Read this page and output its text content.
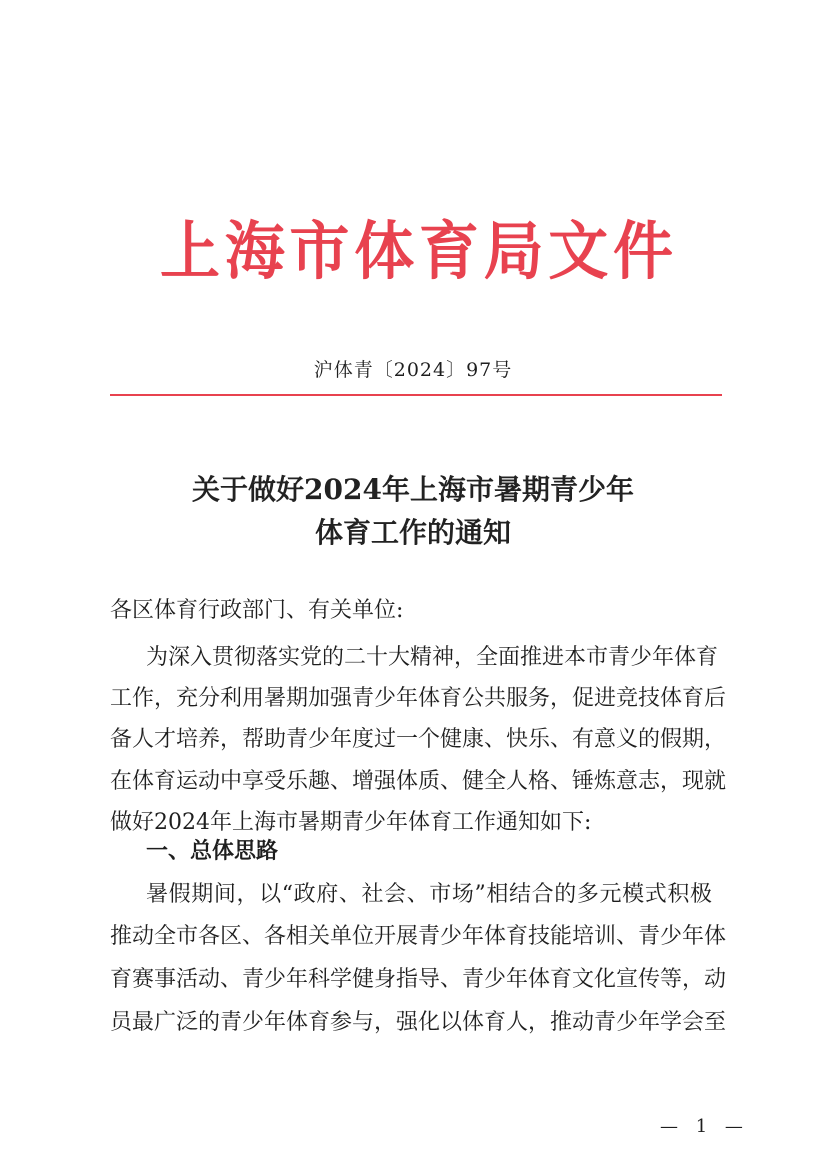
上海市体育局文件
沪体青〔2024〕97号
关于做好2024年上海市暑期青少年
体育工作的通知
各区体育行政部门、有关单位:
为深入贯彻落实党的二十大精神，全面推进本市青少年体育
工作，充分利用暑期加强青少年体育公共服务，促进竞技体育后
备人才培养，帮助青少年度过一个健康、快乐、有意义的假期，
在体育运动中享受乐趣、增强体质、健全人格、锤炼意志，现就
做好2024年上海市暑期青少年体育工作通知如下:
一、总体思路
暑假期间，以“政府、社会、市场”相结合的多元模式积极
推动全市各区、各相关单位开展青少年体育技能培训、青少年体
育赛事活动、青少年科学健身指导、青少年体育文化宣传等，动
员最广泛的青少年体育参与，强化以体育人，推动青少年学会至
— 1 —
